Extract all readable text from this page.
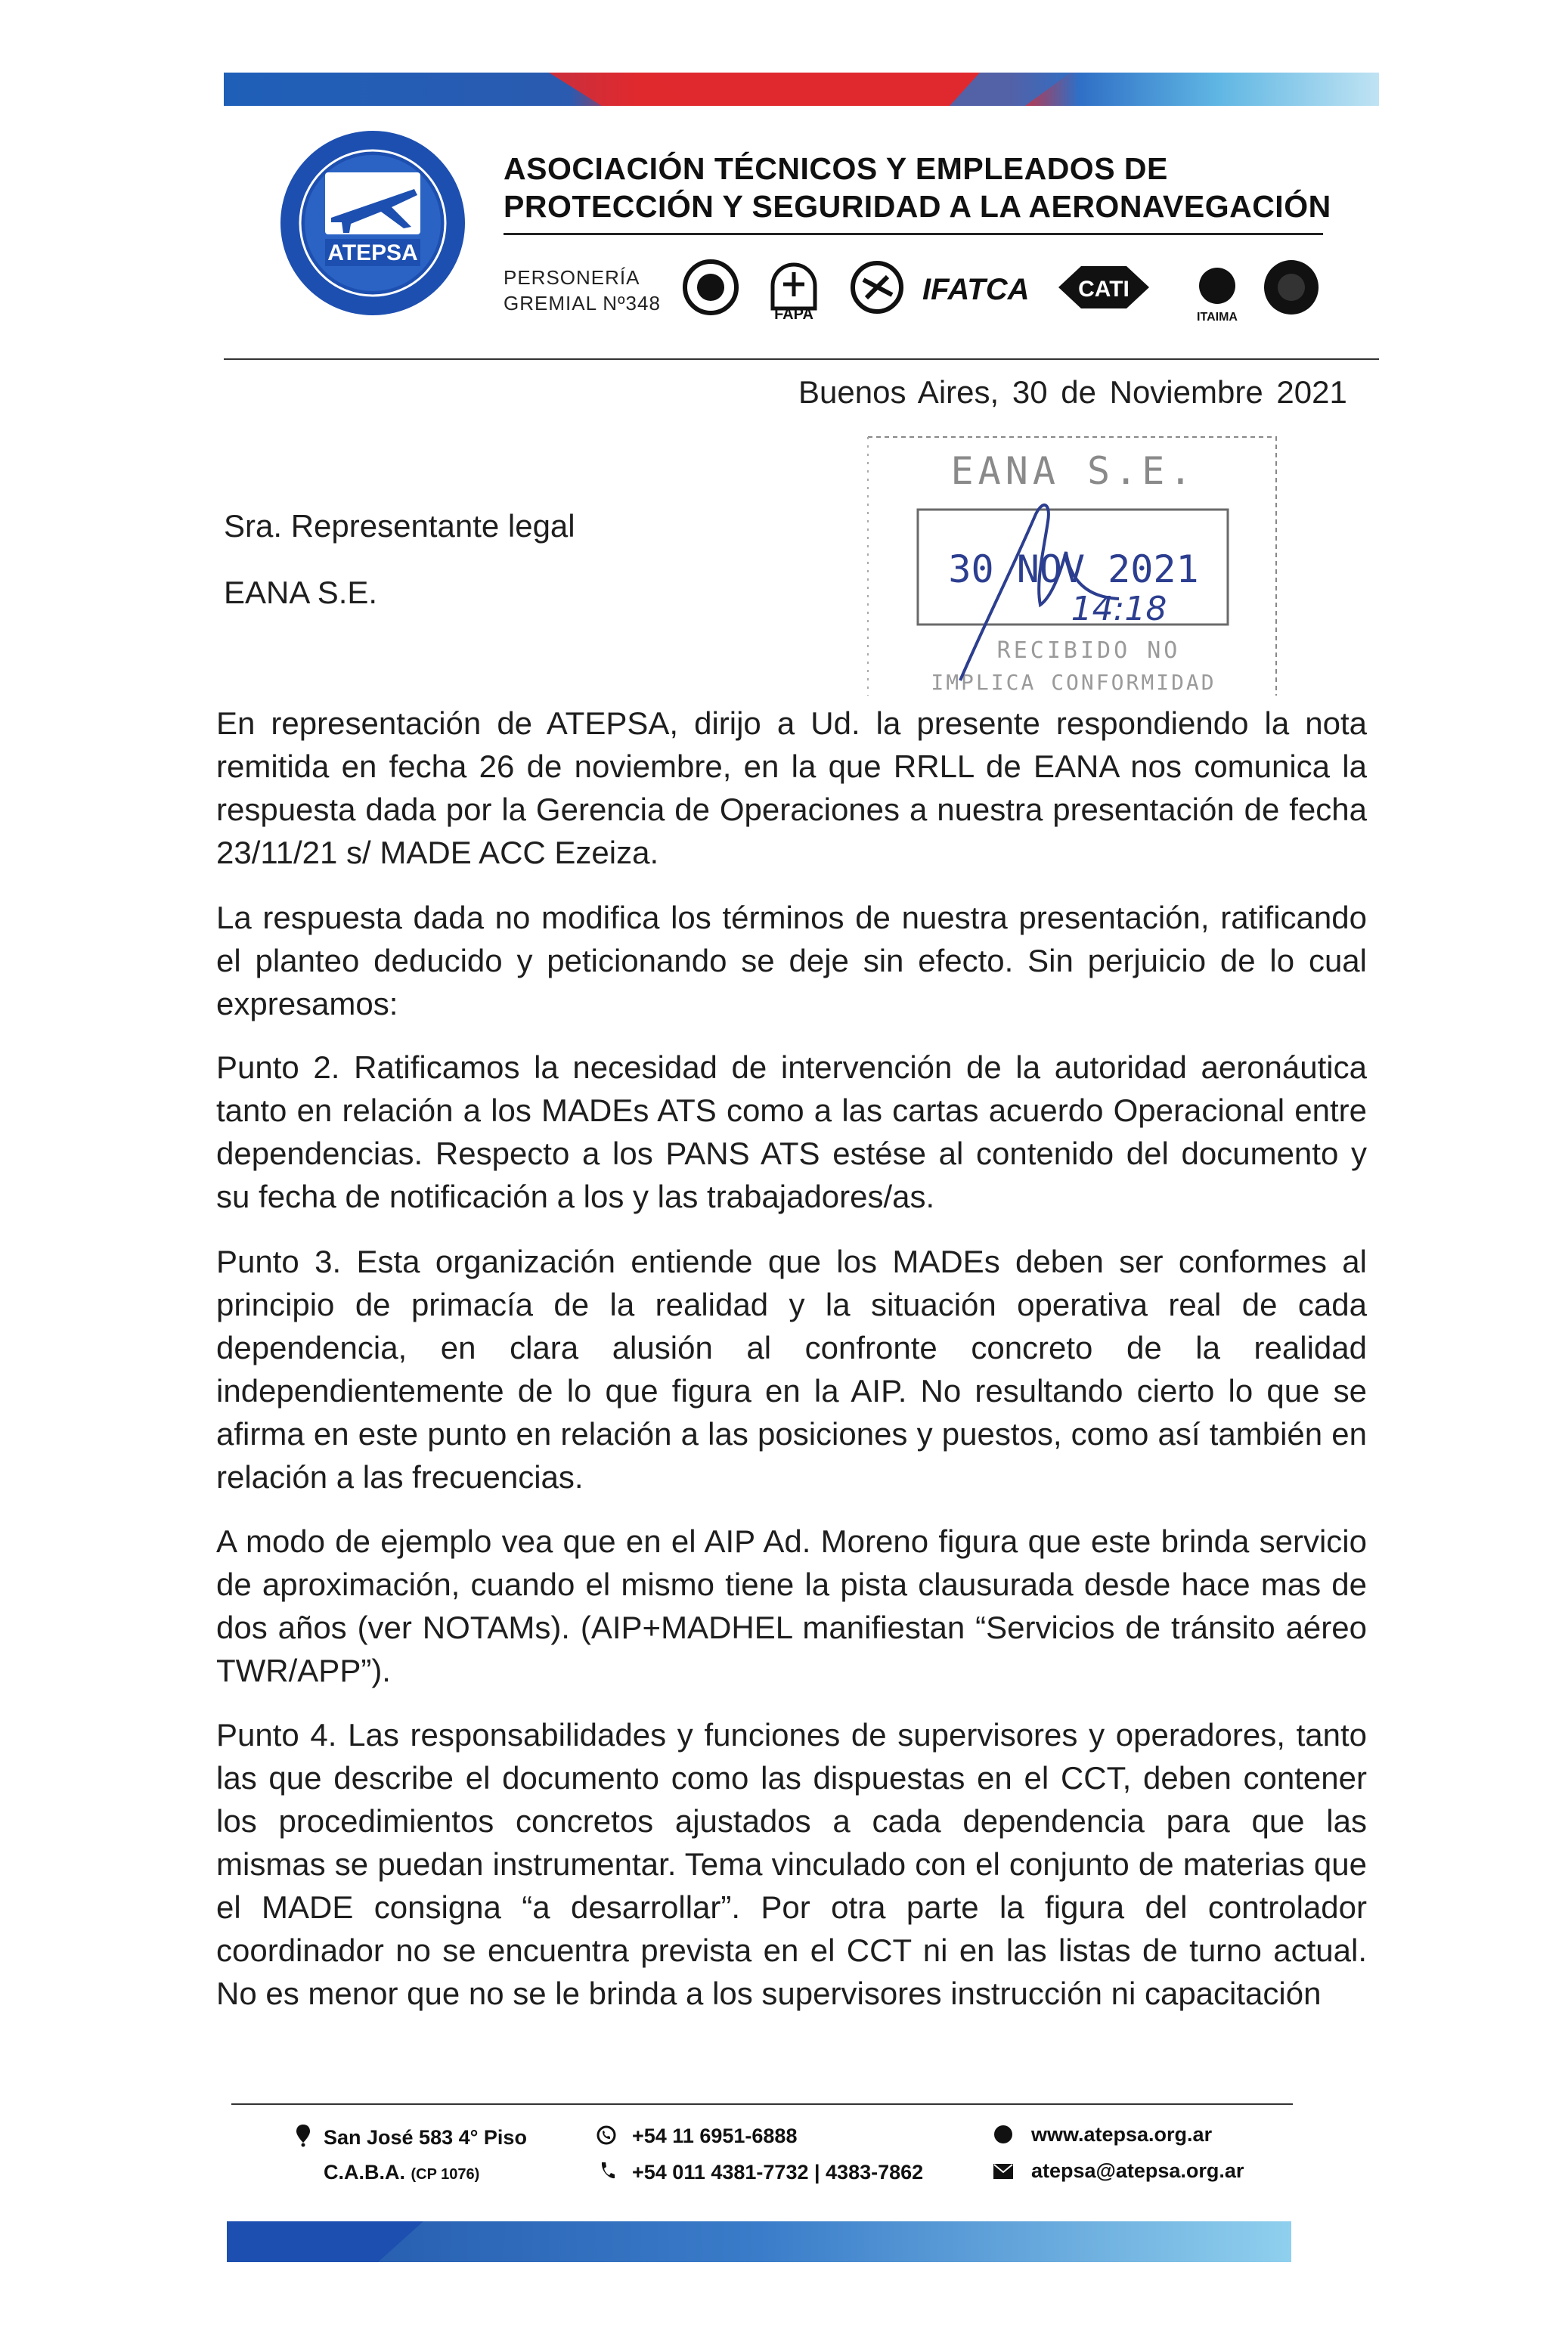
ATEPSA
ASOCIACIÓN TÉCNICOS Y EMPLEADOS DE
PROTECCIÓN Y SEGURIDAD A LA AERONAVEGACIÓN
PERSONERÍA
GREMIAL Nº348	FAPA
IFATCA CATI
ITAIMA
Buenos Aires, 30 de Noviembre 2021
EANA S.E.
30 NOV 2021
14:18
RECIBIDO NO
IMPLICA CONFORMIDAD
Sra. Representante legal
EANA S.E.

En representación de ATEPSA, dirijo a Ud. la presente respondiendo la nota remitida en fecha 26 de noviembre, en la que RRLL de EANA nos comunica la respuesta dada por la Gerencia de Operaciones a nuestra presentación de fecha 23/11/21 s/ MADE ACC Ezeiza.

La respuesta dada no modifica los términos de nuestra presentación, ratificando el planteo deducido y peticionando se deje sin efecto. Sin perjuicio de lo cual expresamos:

Punto 2. Ratificamos la necesidad de intervención de la autoridad aeronáutica tanto en relación a los MADEs ATS como a las cartas acuerdo Operacional entre dependencias. Respecto a los PANS ATS estése al contenido del documento y su fecha de notificación a los y las trabajadores/as.

Punto 3. Esta organización entiende que los MADEs deben ser conformes al principio de primacía de la realidad y la situación operativa real de cada dependencia, en clara alusión al confronte concreto de la realidad independientemente de lo que figura en la AIP. No resultando cierto lo que se afirma en este punto en relación a las posiciones y puestos, como así también en relación a las frecuencias.

A modo de ejemplo vea que en el AIP Ad. Moreno figura que este brinda servicio de aproximación, cuando el mismo tiene la pista clausurada desde hace mas de dos años (ver NOTAMs). (AIP+MADHEL manifiestan “Servicios de tránsito aéreo TWR/APP”).

Punto 4. Las responsabilidades y funciones de supervisores y operadores, tanto las que describe el documento como las dispuestas en el CCT, deben contener los procedimientos concretos ajustados a cada dependencia para que las mismas se puedan instrumentar. Tema vinculado con el conjunto de materias que el MADE consigna “a desarrollar”. Por otra parte la figura del controlador coordinador no se encuentra prevista en el CCT ni en las listas de turno actual. No es menor que no se le brinda a los supervisores instrucción ni capacitación

San José 583 4° Piso
C.A.B.A. (CP 1076)
+54 11 6951-6888
+54 011 4381-7732 | 4383-7862
www.atepsa.org.ar
atepsa@atepsa.org.ar
